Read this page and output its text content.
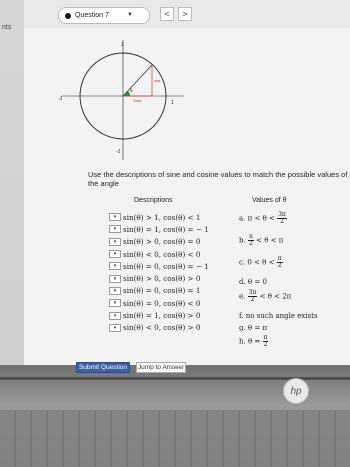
nts
Question 7	▼	<	>
1
-1
1
-1
θ
side
base
Use the descriptions of sine and cosine values to match the possible values of the angle
Descriptions	Values of θ
▾ sin(θ) > 1, cos(θ) < 1
▾ sin(θ) = 1, cos(θ) = − 1
▾ sin(θ) > 0, cos(θ) = 0
▾ sin(θ) < 0, cos(θ) < 0
▾ sin(θ) = 0, cos(θ) = − 1
▾ sin(θ) > 0, cos(θ) > 0
▾ sin(θ) = 0, cos(θ) = 1
▾ sin(θ) = 0, cos(θ) < 0
▾ sin(θ) = 1, cos(θ) > 0
▾ sin(θ) < 0, cos(θ) > 0
a. $\pi < \theta < \frac{3\pi}{2}$
b. $\frac{\pi}{2} < \theta < \pi$
c. $0 < \theta < \frac{\pi}{2}$
d. θ = 0
e. $\frac{3\pi}{2} < \theta < 2\pi$
f. no such angle exists
g. θ = π
h. $\theta = \frac{\pi}{2}$
Submit Question	Jump to Answer
hp
